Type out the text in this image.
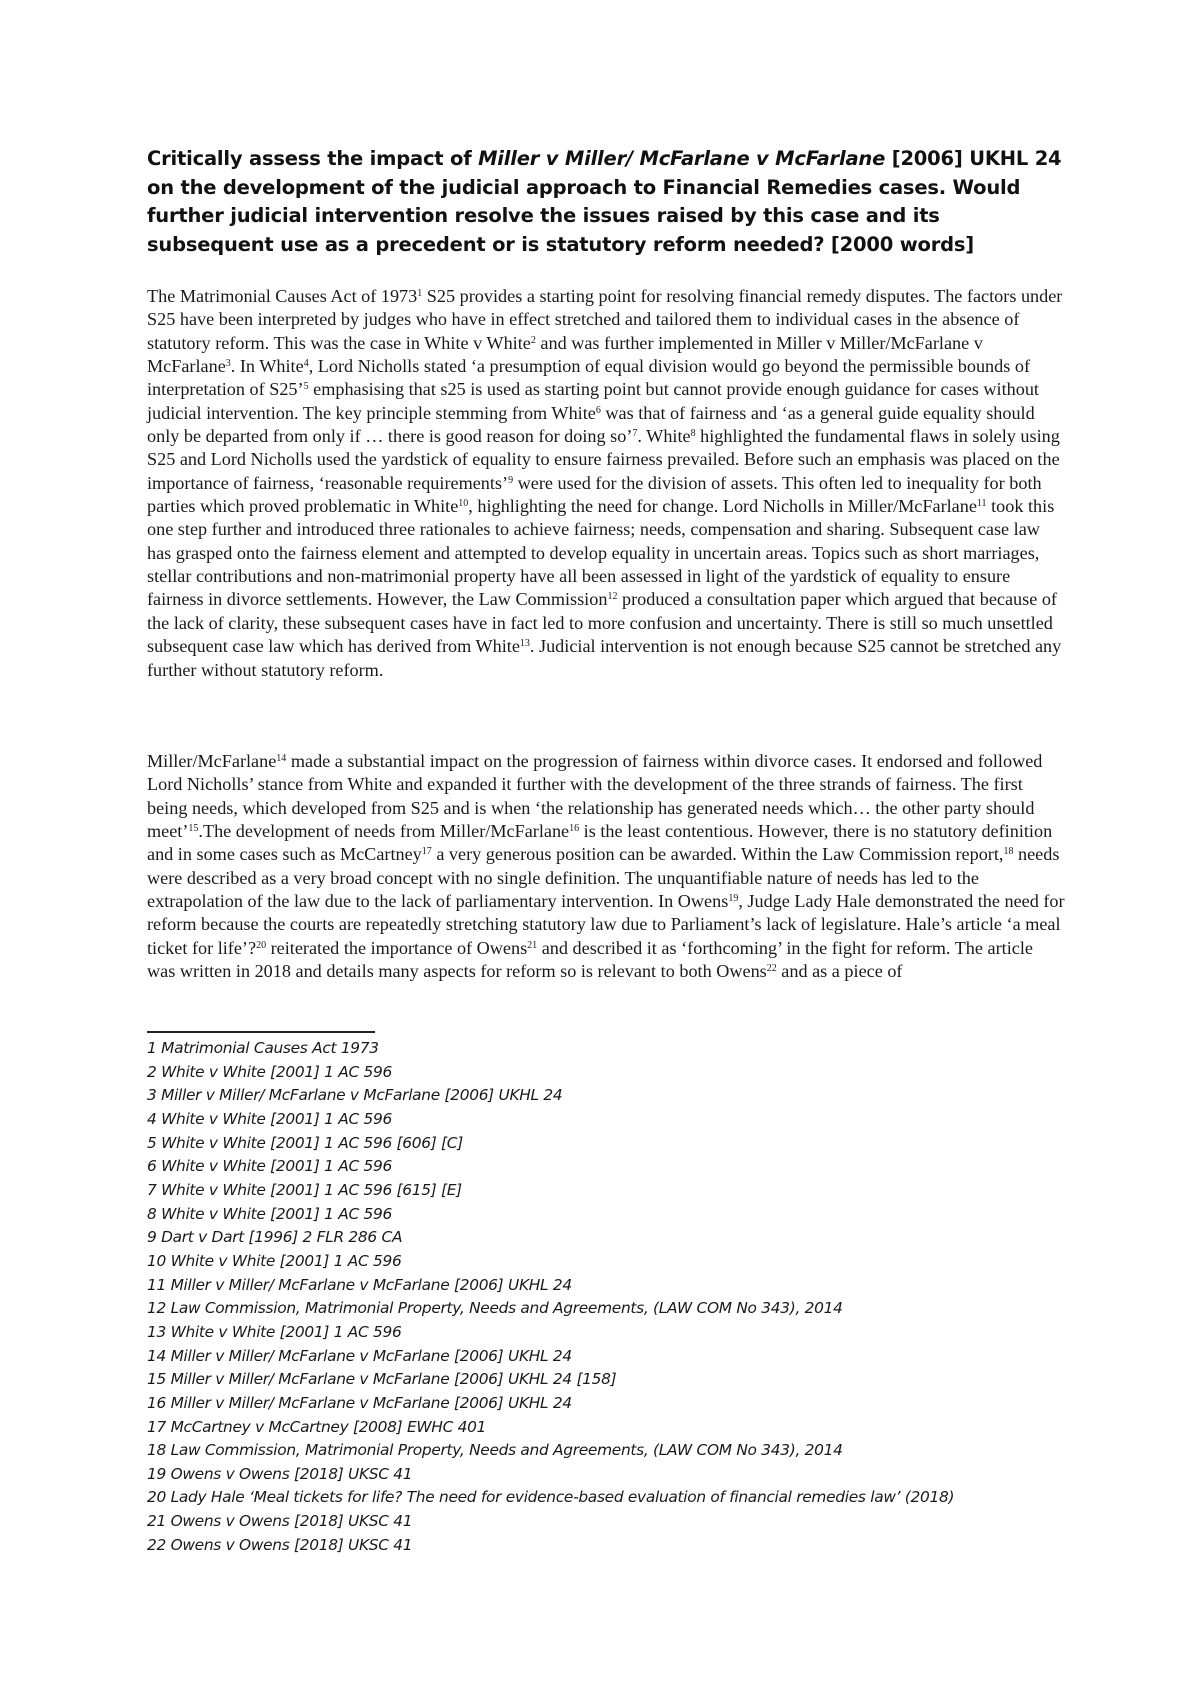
Critically assess the impact of Miller v Miller/ McFarlane v McFarlane [2006] UKHL 24 on the development of the judicial approach to Financial Remedies cases. Would further judicial intervention resolve the issues raised by this case and its subsequent use as a precedent or is statutory reform needed? [2000 words]

The Matrimonial Causes Act of 1973$^1$ S25 provides a starting point for resolving financial remedy disputes. The factors under S25 have been interpreted by judges who have in effect stretched and tailored them to individual cases in the absence of statutory reform. This was the case in White v White$^2$ and was further implemented in Miller v Miller/McFarlane v McFarlane$^3$. In White$^4$, Lord Nicholls stated ‘a presumption of equal division would go beyond the permissible bounds of interpretation of S25’$^5$ emphasising that s25 is used as starting point but cannot provide enough guidance for cases without judicial intervention. The key principle stemming from White$^6$ was that of fairness and ‘as a general guide equality should only be departed from only if … there is good reason for doing so’$^7$. White$^8$ highlighted the fundamental flaws in solely using S25 and Lord Nicholls used the yardstick of equality to ensure fairness prevailed. Before such an emphasis was placed on the importance of fairness, ‘reasonable requirements’$^9$ were used for the division of assets. This often led to inequality for both parties which proved problematic in White$^{10}$, highlighting the need for change. Lord Nicholls in Miller/McFarlane$^{11}$ took this one step further and introduced three rationales to achieve fairness; needs, compensation and sharing. Subsequent case law has grasped onto the fairness element and attempted to develop equality in uncertain areas. Topics such as short marriages, stellar contributions and non-matrimonial property have all been assessed in light of the yardstick of equality to ensure fairness in divorce settlements. However, the Law Commission$^{12}$ produced a consultation paper which argued that because of the lack of clarity, these subsequent cases have in fact led to more confusion and uncertainty. There is still so much unsettled subsequent case law which has derived from White$^{13}$. Judicial intervention is not enough because S25 cannot be stretched any further without statutory reform.

Miller/McFarlane$^{14}$ made a substantial impact on the progression of fairness within divorce cases. It endorsed and followed Lord Nicholls’ stance from White and expanded it further with the development of the three strands of fairness. The first being needs, which developed from S25 and is when ‘the relationship has generated needs which… the other party should meet’$^{15}$.The development of needs from Miller/McFarlane$^{16}$ is the least contentious. However, there is no statutory definition and in some cases such as McCartney$^{17}$ a very generous position can be awarded. Within the Law Commission report,$^{18}$ needs were described as a very broad concept with no single definition. The unquantifiable nature of needs has led to the extrapolation of the law due to the lack of parliamentary intervention. In Owens$^{19}$, Judge Lady Hale demonstrated the need for reform because the courts are repeatedly stretching statutory law due to Parliament’s lack of legislature. Hale’s article ‘a meal ticket for life’?$^{20}$ reiterated the importance of Owens$^{21}$ and described it as ‘forthcoming’ in the fight for reform. The article was written in 2018 and details many aspects for reform so is relevant to both Owens$^{22}$ and as a piece of

1 Matrimonial Causes Act 1973
2 White v White [2001] 1 AC 596
3 Miller v Miller/ McFarlane v McFarlane [2006] UKHL 24
4 White v White [2001] 1 AC 596
5 White v White [2001] 1 AC 596 [606] [C]
6 White v White [2001] 1 AC 596
7 White v White [2001] 1 AC 596 [615] [E]
8 White v White [2001] 1 AC 596
9 Dart v Dart [1996] 2 FLR 286 CA
10 White v White [2001] 1 AC 596
11 Miller v Miller/ McFarlane v McFarlane [2006] UKHL 24
12 Law Commission, Matrimonial Property, Needs and Agreements, (LAW COM No 343), 2014
13 White v White [2001] 1 AC 596
14 Miller v Miller/ McFarlane v McFarlane [2006] UKHL 24
15 Miller v Miller/ McFarlane v McFarlane [2006] UKHL 24 [158]
16 Miller v Miller/ McFarlane v McFarlane [2006] UKHL 24
17 McCartney v McCartney [2008] EWHC 401
18 Law Commission, Matrimonial Property, Needs and Agreements, (LAW COM No 343), 2014
19 Owens v Owens [2018] UKSC 41
20 Lady Hale ‘Meal tickets for life? The need for evidence-based evaluation of financial remedies law’ (2018)
21 Owens v Owens [2018] UKSC 41
22 Owens v Owens [2018] UKSC 41
